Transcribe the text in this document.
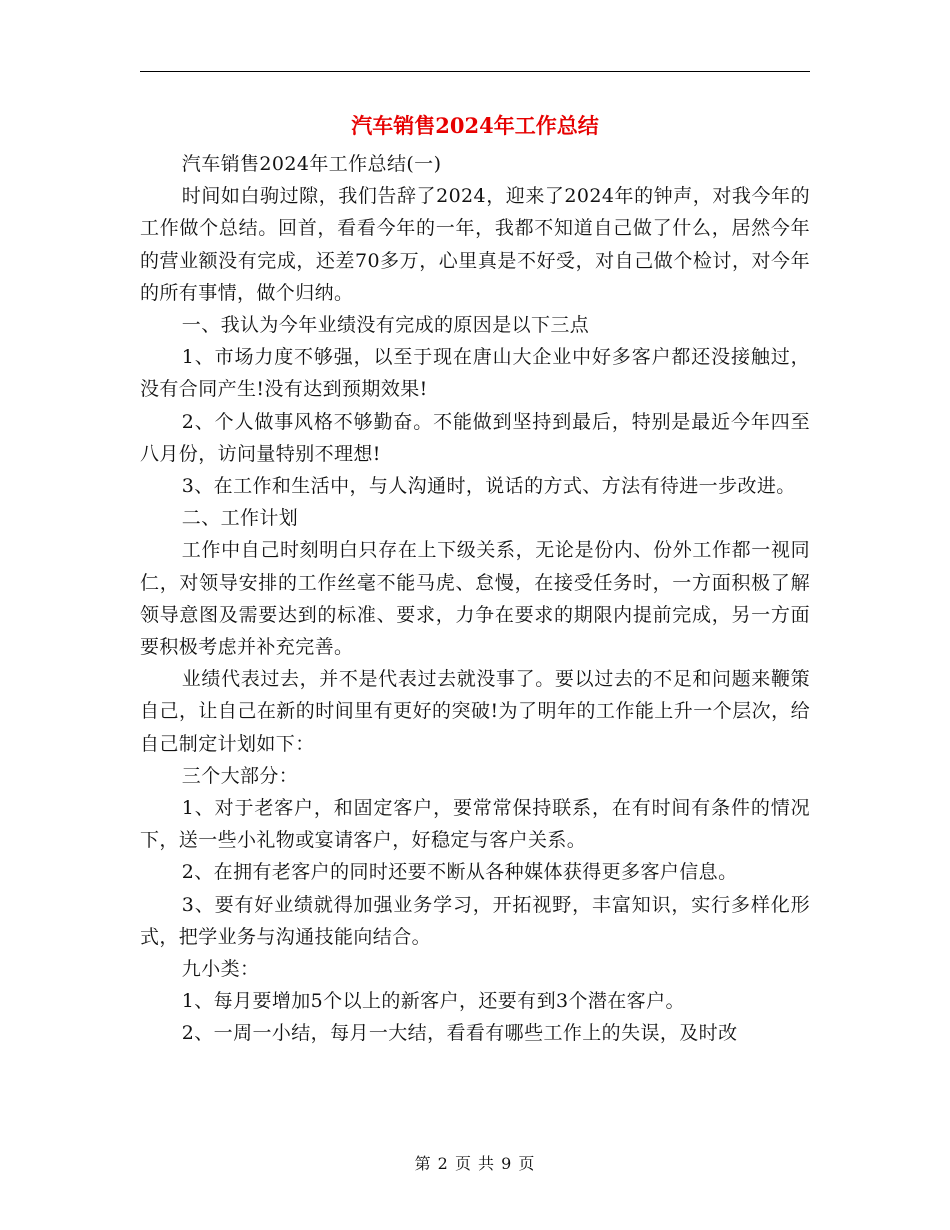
汽车销售2024年工作总结

汽车销售2024年工作总结(一)

时间如白驹过隙，我们告辞了2024，迎来了2024年的钟声，对我今年的工作做个总结。回首，看看今年的一年，我都不知道自己做了什么，居然今年的营业额没有完成，还差70多万，心里真是不好受，对自己做个检讨，对今年的所有事情，做个归纳。

一、我认为今年业绩没有完成的原因是以下三点

1、市场力度不够强，以至于现在唐山大企业中好多客户都还没接触过，没有合同产生!没有达到预期效果!

2、个人做事风格不够勤奋。不能做到坚持到最后，特别是最近今年四至八月份，访问量特别不理想!

3、在工作和生活中，与人沟通时，说话的方式、方法有待进一步改进。

二、工作计划

工作中自己时刻明白只存在上下级关系，无论是份内、份外工作都一视同仁，对领导安排的工作丝毫不能马虎、怠慢，在接受任务时，一方面积极了解领导意图及需要达到的标准、要求，力争在要求的期限内提前完成，另一方面要积极考虑并补充完善。

业绩代表过去，并不是代表过去就没事了。要以过去的不足和问题来鞭策自己，让自己在新的时间里有更好的突破!为了明年的工作能上升一个层次，给自己制定计划如下：

三个大部分：

1、对于老客户，和固定客户，要常常保持联系，在有时间有条件的情况下，送一些小礼物或宴请客户，好稳定与客户关系。

2、在拥有老客户的同时还要不断从各种媒体获得更多客户信息。

3、要有好业绩就得加强业务学习，开拓视野，丰富知识，实行多样化形式，把学业务与沟通技能向结合。

九小类：

1、每月要增加5个以上的新客户，还要有到3个潜在客户。

2、一周一小结，每月一大结，看看有哪些工作上的失误，及时改

第 2 页 共 9 页
